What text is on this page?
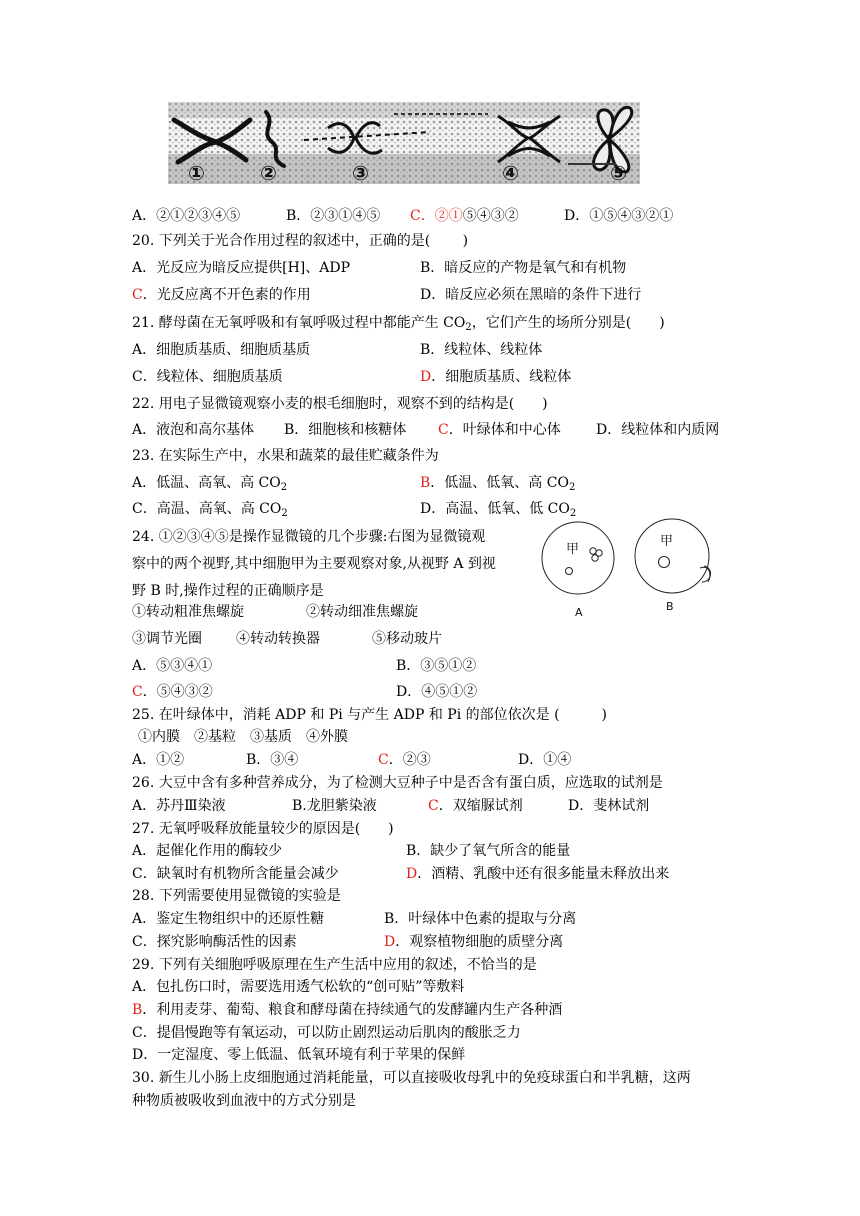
①	②	③	④	⑤
A．②①②③④⑤	B．②③①④⑤ C．②①⑤④③②	D．①⑤④③②①
20. 下列关于光合作用过程的叙述中，正确的是(　　 )
A．光反应为暗反应提供[H]、ADP	B．暗反应的产物是氧气和有机物
C．光反应离不开色素的作用	D．暗反应必须在黑暗的条件下进行
21. 酵母菌在无氧呼吸和有氧呼吸过程中都能产生 $CO_2$，它们产生的场所分别是(　　)
A．细胞质基质、细胞质基质	B．线粒体、线粒体
C．线粒体、细胞质基质	D．细胞质基质、线粒体
22. 用电子显微镜观察小麦的根毛细胞时，观察不到的结构是(　　)
A．液泡和高尔基体 B．细胞核和核糖体 C．叶绿体和中心体	D．线粒体和内质网
23. 在实际生产中，水果和蔬菜的最佳贮藏条件为
A．低温、高氧、高 $CO_2$	B．低温、低氧、高 $CO_2$
C．高温、高氧、高 $CO_2$	D．高温、低氧、低 $CO_2$
24. ①②③④⑤是操作显微镜的几个步骤:右图为显微镜观
察中的两个视野,其中细胞甲为主要观察对象,从视野 A 到视
野 B 时,操作过程的正确顺序是
①转动粗准焦螺旋	②转动细准焦螺旋
③调节光圈 ④转动转换器	⑤移动玻片
A．⑤③④①	B．③⑤①②
C．⑤④③②	D．④⑤①②
甲
A
甲
B
25. 在叶绿体中，消耗 ADP 和 Pi 与产生 ADP 和 Pi 的部位依次是 (　　　)
①内膜　②基粒　③基质　④外膜
A．①②	B．③④	C．②③	D．①④
26. 大豆中含有多种营养成分，为了检测大豆种子中是否含有蛋白质，应选取的试剂是
A．苏丹Ⅲ染液	B.龙胆紫染液	C．双缩脲试剂	D．斐林试剂
27. 无氧呼吸释放能量较少的原因是(　　)
A．起催化作用的酶较少	B．缺少了氧气所含的能量
C．缺氧时有机物所含能量会减少	D．酒精、乳酸中还有很多能量未释放出来
28. 下列需要使用显微镜的实验是
A．鉴定生物组织中的还原性糖	B．叶绿体中色素的提取与分离
C．探究影响酶活性的因素	D．观察植物细胞的质壁分离
29. 下列有关细胞呼吸原理在生产生活中应用的叙述，不恰当的是
A．包扎伤口时，需要选用透气松软的“创可贴”等敷料
B．利用麦芽、葡萄、粮食和酵母菌在持续通气的发酵罐内生产各种酒
C．提倡慢跑等有氧运动，可以防止剧烈运动后肌肉的酸胀乏力
D．一定湿度、零上低温、低氧环境有利于苹果的保鲜
30. 新生儿小肠上皮细胞通过消耗能量，可以直接吸收母乳中的免疫球蛋白和半乳糖，这两
种物质被吸收到血液中的方式分别是
